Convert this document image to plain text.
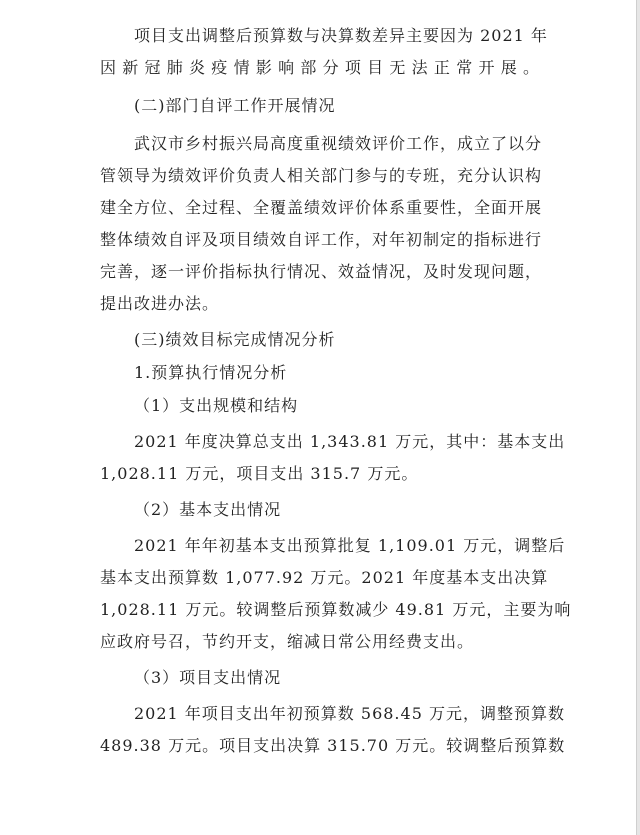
项目支出调整后预算数与决算数差异主要因为 2021 年
因新冠肺炎疫情影响部分项目无法正常开展。
(二)部门自评工作开展情况
武汉市乡村振兴局高度重视绩效评价工作，成立了以分
管领导为绩效评价负责人相关部门参与的专班，充分认识构
建全方位、全过程、全覆盖绩效评价体系重要性，全面开展
整体绩效自评及项目绩效自评工作，对年初制定的指标进行
完善，逐一评价指标执行情况、效益情况，及时发现问题，
提出改进办法。
(三)绩效目标完成情况分析
1.预算执行情况分析
（1）支出规模和结构
2021 年度决算总支出 1,343.81 万元，其中：基本支出
1,028.11 万元，项目支出 315.7 万元。
（2）基本支出情况
2021 年年初基本支出预算批复 1,109.01 万元，调整后
基本支出预算数 1,077.92 万元。2021 年度基本支出决算
1,028.11 万元。较调整后预算数减少 49.81 万元，主要为响
应政府号召，节约开支，缩减日常公用经费支出。
（3）项目支出情况
2021 年项目支出年初预算数 568.45 万元，调整预算数
489.38 万元。项目支出决算 315.70 万元。较调整后预算数
